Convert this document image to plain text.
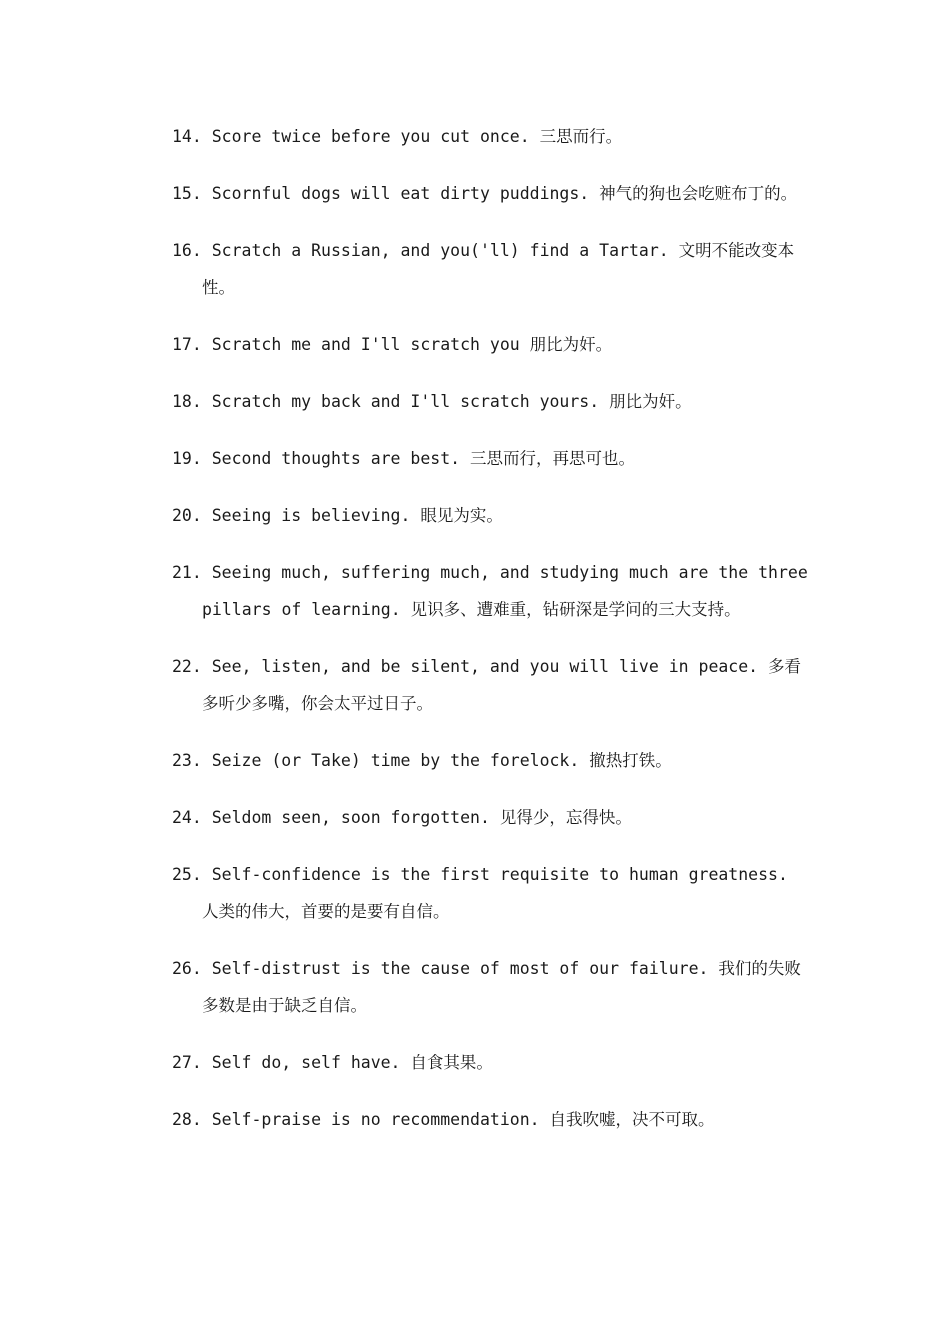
14. Score twice before you cut once. 三思而行。
15. Scornful dogs will eat dirty puddings. 神气的狗也会吃赃布丁的。
16. Scratch a Russian, and you('ll) find a Tartar. 文明不能改变本性。
17. Scratch me and I'll scratch you 朋比为奸。
18. Scratch my back and I'll scratch yours. 朋比为奸。
19. Second thoughts are best. 三思而行，再思可也。
20. Seeing is believing. 眼见为实。
21. Seeing much, suffering much, and studying much are the three pillars of learning. 见识多、遭难重，钻研深是学问的三大支持。
22. See, listen, and be silent, and you will live in peace. 多看多听少多嘴，你会太平过日子。
23. Seize (or Take) time by the forelock. 撤热打铁。
24. Seldom seen, soon forgotten. 见得少，忘得快。
25. Self-confidence is the first requisite to human greatness. 人类的伟大，首要的是要有自信。
26. Self-distrust is the cause of most of our failure. 我们的失败多数是由于缺乏自信。
27. Self do, self have. 自食其果。
28. Self-praise is no recommendation. 自我吹嘘，决不可取。
